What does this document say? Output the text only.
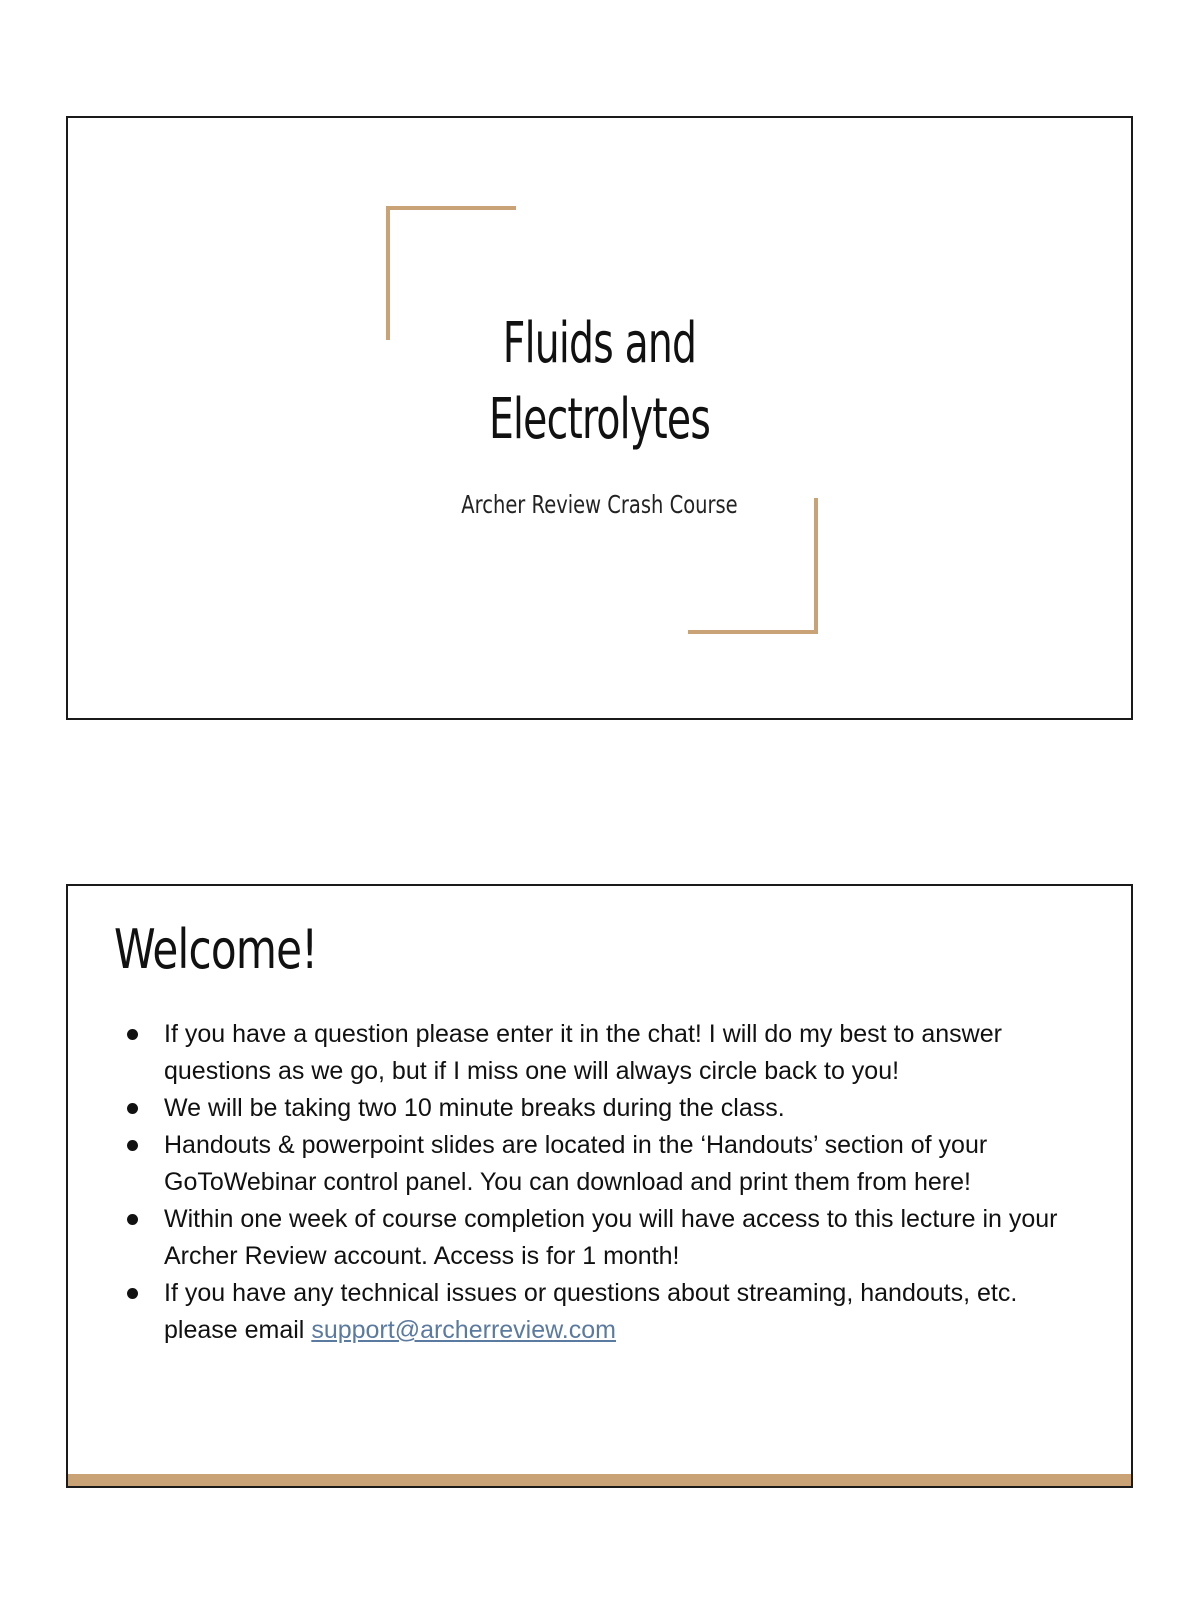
Fluids and
Electrolytes
Archer Review Crash Course
Welcome!
If you have a question please enter it in the chat! I will do my best to answer questions as we go, but if I miss one will always circle back to you!
We will be taking two 10 minute breaks during the class.
Handouts & powerpoint slides are located in the ‘Handouts’ section of your GoToWebinar control panel. You can download and print them from here!
Within one week of course completion you will have access to this lecture in your Archer Review account. Access is for 1 month!
If you have any technical issues or questions about streaming, handouts, etc. please email support@archerreview.com
